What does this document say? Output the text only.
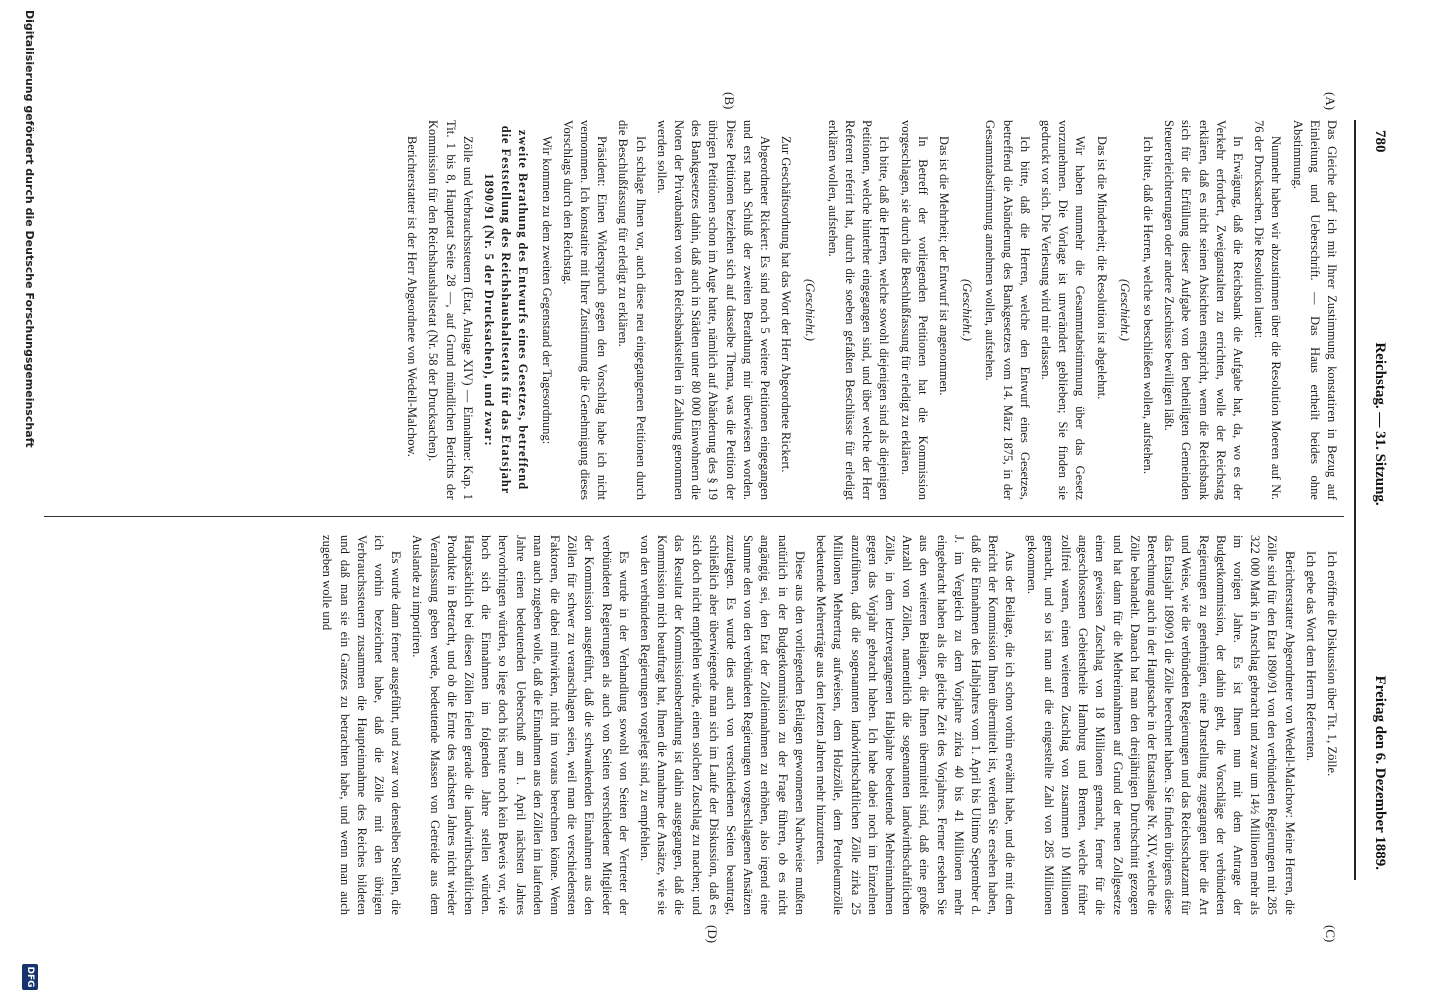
780
Reichstag. — 31. Sitzung.
Freitag den 6. Dezember 1889.
(A)
(B)
(C)
(D)

Das Gleiche darf ich mit Ihrer Zustimmung konstatiren in Bezug auf Einleitung und Ueberschrift. — Das Haus ertheilt beides ohne Abstimmung.

Nunmehr haben wir abzustimmen über die Resolution Moeren auf Nr. 76 der Drucksachen. Die Resolution lautet:

In Erwägung, daß die Reichsbank die Aufgabe hat, da, wo es der Verkehr erfordert, Zweiganstalten zu errichten, wolle der Reichstag erklären, daß es nicht seinen Absichten entspricht, wenn die Reichsbank sich für die Erfüllung dieser Aufgabe von den betheiligten Gemeinden Steuererleichterungen oder andere Zuschüsse bewilligen läßt.

Ich bitte, daß die Herren, welche so beschließen wollen, aufstehen.

(Geschieht.)

Das ist die Minderheit; die Resolution ist abgelehnt.

Wir haben nunmehr die Gesammtabstimmung über das Gesetz vorzunehmen. Die Vorlage ist unverändert geblieben; Sie finden sie gedruckt vor sich. Die Verlesung wird mir erlassen.

Ich bitte, daß die Herren, welche den Entwurf eines Gesetzes, betreffend die Abänderung des Bankgesetzes vom 14. März 1875, in der Gesammtabstimmung annehmen wollen, aufstehen.

(Geschieht.)

Das ist die Mehrheit; der Entwurf ist angenommen.

In Betreff der vorliegenden Petitionen hat die Kommission vorgeschlagen, sie durch die Beschlußfassung für erledigt zu erklären.

Ich bitte, daß die Herren, welche sowohl diejenigen sind als diejenigen Petitionen, welche hinterher eingegangen sind, und über welche der Herr Referent referirt hat, durch die soeben gefaßten Beschlüsse für erledigt erklären wollen, aufstehen.

(Geschieht.)

Zur Geschäftsordnung hat das Wort der Herr Abgeordnete Rickert.

Abgeordneter Rickert: Es sind noch 5 weitere Petitionen eingegangen und erst nach Schluß der zweiten Berathung mir überwiesen worden. Diese Petitionen beziehen sich auf dasselbe Thema, was die Petition der übrigen Petitionen schon im Auge hatte, nämlich auf Abänderung des § 19 des Bankgesetzes dahin, daß auch in Städten unter 80 000 Einwohnern die Noten der Privatbanken von den Reichsbankstellen in Zahlung genommen werden sollen.

Ich schlage Ihnen vor, auch diese neu eingegangenen Petitionen durch die Beschlußfassung für erledigt zu erklären.

Präsident: Einen Widerspruch gegen den Vorschlag habe ich nicht vernommen. Ich konstatire mit Ihrer Zustimmung die Genehmigung dieses Vorschlags durch den Reichstag.

Wir kommen zu dem zweiten Gegenstand der Tagesordnung:

zweite Berathung des Entwurfs eines Gesetzes, betreffend die Feststellung des Reichshaushaltsetats für das Etatsjahr 1890/91 (Nr. 5 der Drucksachen), und zwar:

Zölle und Verbrauchssteuern (Etat, Anlage XIV) — Einnahme: Kap. 1 Tit. 1 bis 8, Hauptetat Seite 28 —, auf Grund mündlichen Berichts der Kommission für den Reichshaushaltsetat (Nr. 58 der Drucksachen).

Berichterstatter ist der Herr Abgeordnete von Wedell-Malchow.

Ich eröffne die Diskussion über Tit. 1, Zölle.

Ich gebe das Wort dem Herrn Referenten.

Berichterstatter Abgeordneter von Wedell-Malchow: Meine Herren, die Zölle sind für den Etat 1890/91 von den verbündeten Regierungen mit 285 322 000 Mark in Anschlag gebracht und zwar um 14½ Millionen mehr als im vorigen Jahre. Es ist Ihnen nun mit dem Antrage der Budgetkommission, der dahin geht, die Vorschläge der verbündeten Regierungen zu genehmigen, eine Darstellung zugegangen über die Art und Weise, wie die verbündeten Regierungen und das Reichsschatzamt für das Etatsjahr 1890/91 die Zölle berechnet haben. Sie finden übrigens diese Berechnung auch in der Hauptsache in der Etatsanlage Nr. XIV, welche die Zölle behandelt. Danach hat man den dreijährigen Durchschnitt gezogen und hat dann für die Mehreinnahmen auf Grund der neuen Zollgesetze einen gewissen Zuschlag von 18 Millionen gemacht, ferner für die angeschlossenen Gebietstheile Hamburg und Bremen, welche früher zollfrei waren, einen weiteren Zuschlag von zusammen 10 Millionen gemacht, und so ist man auf die eingestellte Zahl von 285 Millionen gekommen.

Aus der Beilage, die ich schon vorhin erwähnt habe, und die mit dem Bericht der Kommission Ihnen übermittelt ist, werden Sie ersehen haben, daß die Einnahmen des Halbjahres vom 1. April bis Ultimo September d. J. im Vergleich zu dem Vorjahre zirka 40 bis 41 Millionen mehr eingebracht haben als die gleiche Zeit des Vorjahres. Ferner ersehen Sie aus den weiteren Beilagen, die Ihnen übermittelt sind, daß eine große Anzahl von Zöllen, namentlich die sogenannten landwirthschaftlichen Zölle, in dem letztvergangenen Halbjahre bedeutende Mehreinnahmen gegen das Vorjahr gebracht haben. Ich habe dabei noch im Einzelnen anzuführen, daß die sogenannten landwirthschaftlichen Zölle zirka 25 Millionen Mehrertrag aufweisen, dem Holzzölle, dem Petroleumzölle bedeutende Mehrerträge aus den letzten Jahren mehr hinzutreten.

Diese aus den vorliegenden Beilagen gewonnenen Nachweise mußten natürlich in der Budgetkommission zu der Frage führen, ob es nicht angängig sei, den Etat der Zolleinnahmen zu erhöhen, also irgend eine Summe den von den verbündeten Regierungen vorgeschlagenen Ansätzen zuzulegen. Es wurde dies auch von verschiedenen Seiten beantragt, schließlich aber überwiegende man sich im Laufe der Diskussion, daß es sich doch nicht empfehlen würde, einen solchen Zuschlag zu machen; und das Resultat der Kommissionsberathung ist dahin ausgegangen, daß die Kommission mich beauftragt hat, Ihnen die Annahme der Ansätze, wie sie von den verbündeten Regierungen vorgelegt sind, zu empfehlen.

Es wurde in der Verhandlung sowohl von Seiten der Vertreter der verbündeten Regierungen als auch von Seiten verschiedener Mitglieder der Kommission ausgeführt, daß die schwankenden Einnahmen aus den Zöllen für schwer zu veranschlagen seien, weil man die verschiedensten Faktoren, die dabei mitwirken, nicht im voraus berechnen könne. Wenn man auch zugeben wolle, daß die Einnahmen aus den Zöllen im laufenden Jahre einen bedeutenden Ueberschuß am 1. April nächsten Jahres hervorbringen würden, so liege doch bis heute noch kein Beweis vor, wie hoch sich die Einnahmen im folgenden Jahre stellen würden. Hauptsächlich bei diesen Zöllen fielen gerade die landwirthschaftlichen Produkte in Betracht, und ob die Ernte des nächsten Jahres nicht wieder Veranlassung geben werde, bedeutende Massen von Getreide aus dem Auslande zu importiren.

Es wurde dann ferner ausgeführt, und zwar von denselben Stellen, die ich vorhin bezeichnet habe, daß die Zölle mit den übrigen Verbrauchssteuern zusammen die Haupteinnahme des Reiches bildeten und daß man sie ein Ganzes zu betrachten habe, und wenn man auch zugeben wolle und

Digitalisierung gefördert durch die Deutsche Forschungsgemeinschaft
DFG
